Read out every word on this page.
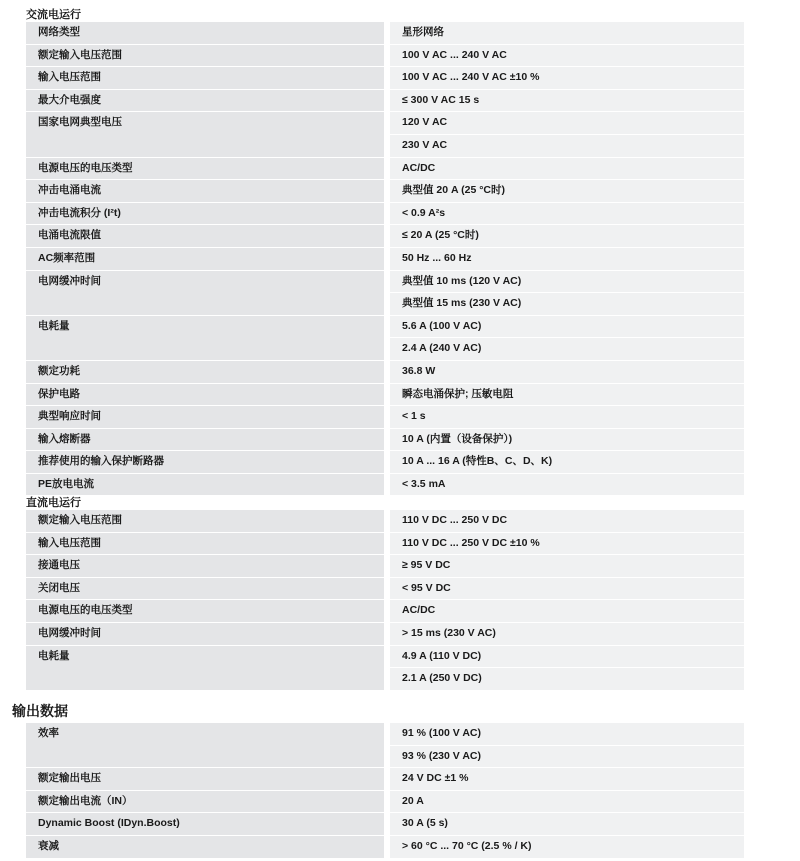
交流电运行
网络类型		星形网络
额定输入电压范围		100 V AC ... 240 V AC
输入电压范围		100 V AC ... 240 V AC ±10 %
最大介电强度		≤ 300 V AC 15 s
国家电网典型电压		120 V AC
		230 V AC
电源电压的电压类型		AC/DC
冲击电涌电流		典型值 20 A (25 °C时)
冲击电流积分 (I²t)		< 0.9 A²s
电涌电流限值		≤ 20 A (25 °C时)
AC频率范围		50 Hz ... 60 Hz
电网缓冲时间		典型值 10 ms (120 V AC)
		典型值 15 ms (230 V AC)
电耗量		5.6 A (100 V AC)
		2.4 A (240 V AC)
额定功耗		36.8 W
保护电路		瞬态电涌保护; 压敏电阻
典型响应时间		< 1 s
输入熔断器		10 A (内置（设备保护）)
推荐使用的输入保护断路器		10 A ... 16 A (特性B、C、D、K)
PE放电电流		< 3.5 mA
直流电运行
额定输入电压范围		110 V DC ... 250 V DC
输入电压范围		110 V DC ... 250 V DC ±10 %
接通电压		≥ 95 V DC
关闭电压		< 95 V DC
电源电压的电压类型		AC/DC
电网缓冲时间		> 15 ms (230 V AC)
电耗量		4.9 A (110 V DC)
		2.1 A (250 V DC)
输出数据
效率		91 % (100 V AC)
		93 % (230 V AC)
额定输出电压		24 V DC ±1 %
额定输出电流（IN）		20 A
Dynamic Boost (IDyn.Boost)		30 A (5 s)
衰减		> 60 °C ... 70 °C (2.5 % / K)
